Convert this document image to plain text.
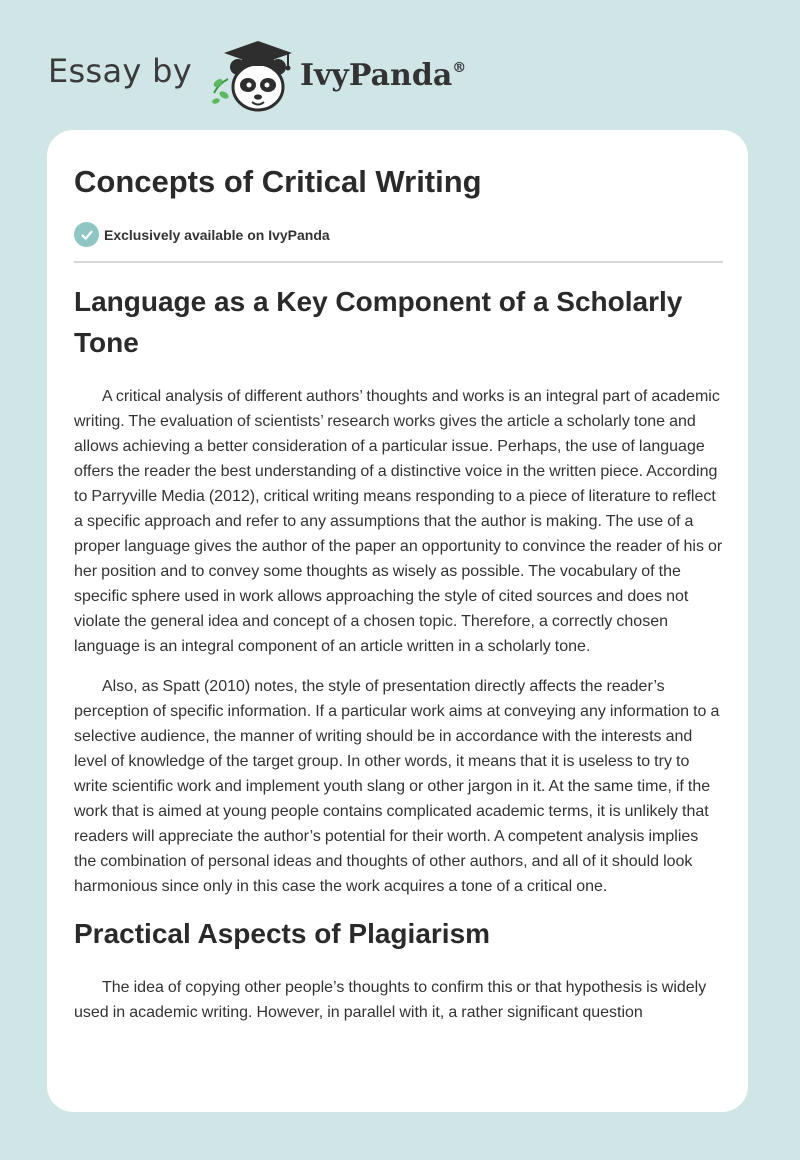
Essay by	IvyPanda®
Concepts of Critical Writing
Exclusively available on IvyPanda
Language as a Key Component of a Scholarly Tone

A critical analysis of different authors’ thoughts and works is an integral part of academic writing. The evaluation of scientists’ research works gives the article a scholarly tone and allows achieving a better consideration of a particular issue. Perhaps, the use of language offers the reader the best understanding of a distinctive voice in the written piece. According to Parryville Media (2012), critical writing means responding to a piece of literature to reflect a specific approach and refer to any assumptions that the author is making. The use of a proper language gives the author of the paper an opportunity to convince the reader of his or her position and to convey some thoughts as wisely as possible. The vocabulary of the specific sphere used in work allows approaching the style of cited sources and does not violate the general idea and concept of a chosen topic. Therefore, a correctly chosen language is an integral component of an article written in a scholarly tone.

Also, as Spatt (2010) notes, the style of presentation directly affects the reader’s perception of specific information. If a particular work aims at conveying any information to a selective audience, the manner of writing should be in accordance with the interests and level of knowledge of the target group. In other words, it means that it is useless to try to write scientific work and implement youth slang or other jargon in it. At the same time, if the work that is aimed at young people contains complicated academic terms, it is unlikely that readers will appreciate the author’s potential for their worth. A competent analysis implies the combination of personal ideas and thoughts of other authors, and all of it should look harmonious since only in this case the work acquires a tone of a critical one.

Practical Aspects of Plagiarism

The idea of copying other people’s thoughts to confirm this or that hypothesis is widely used in academic writing. However, in parallel with it, a rather significant question
